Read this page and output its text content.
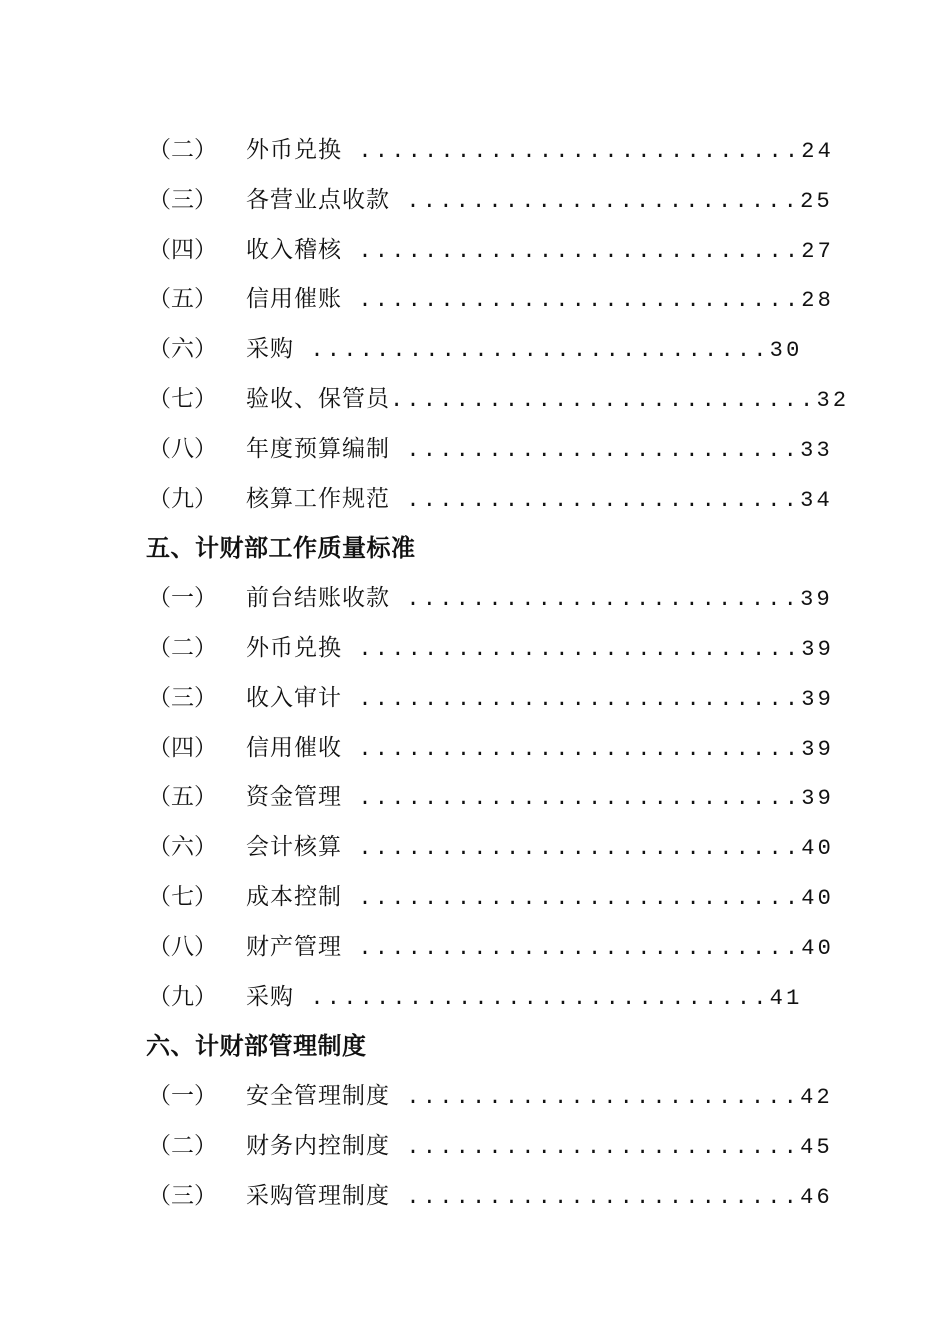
（二） 外币兑换 ...........................24
（三） 各营业点收款 ........................25
（四） 收入稽核 ...........................27
（五） 信用催账 ...........................28
（六） 采购 ............................30
（七） 验收、保管员..........................32
（八） 年度预算编制 ........................33
（九） 核算工作规范 ........................34
五、计财部工作质量标准
（一） 前台结账收款 ........................39
（二） 外币兑换 ...........................39
（三） 收入审计 ...........................39
（四） 信用催收 ...........................39
（五） 资金管理 ...........................39
（六） 会计核算 ...........................40
（七） 成本控制 ...........................40
（八） 财产管理 ...........................40
（九） 采购 ............................41
六、计财部管理制度
（一） 安全管理制度 ........................42
（二） 财务内控制度 ........................45
（三） 采购管理制度 ........................46
